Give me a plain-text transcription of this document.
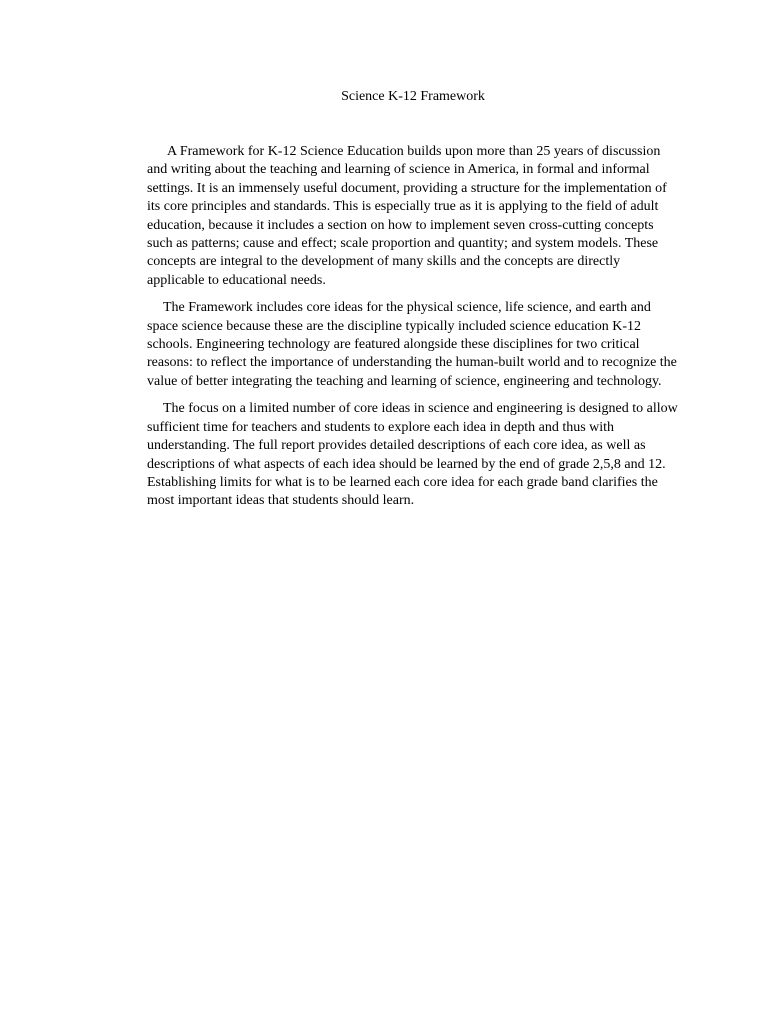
Science K-12 Framework

A Framework for K-12 Science Education builds upon more than 25 years of discussion and writing about the teaching and learning of science in America, in formal and informal settings. It is an immensely useful document, providing a structure for the implementation of its core principles and standards. This is especially true as it is applying to the field of adult education, because it includes a section on how to implement seven cross-cutting concepts such as patterns; cause and effect; scale proportion and quantity; and system models. These concepts are integral to the development of many skills and the concepts are directly applicable to educational needs.

The Framework includes core ideas for the physical science, life science, and earth and space science because these are the discipline typically included science education K-12 schools. Engineering technology are featured alongside these disciplines for two critical reasons: to reflect the importance of understanding the human-built world and to recognize the value of better integrating the teaching and learning of science, engineering and technology.

The focus on a limited number of core ideas in science and engineering is designed to allow sufficient time for teachers and students to explore each idea in depth and thus with understanding. The full report provides detailed descriptions of each core idea, as well as descriptions of what aspects of each idea should be learned by the end of grade 2,5,8 and 12. Establishing limits for what is to be learned each core idea for each grade band clarifies the most important ideas that students should learn.
